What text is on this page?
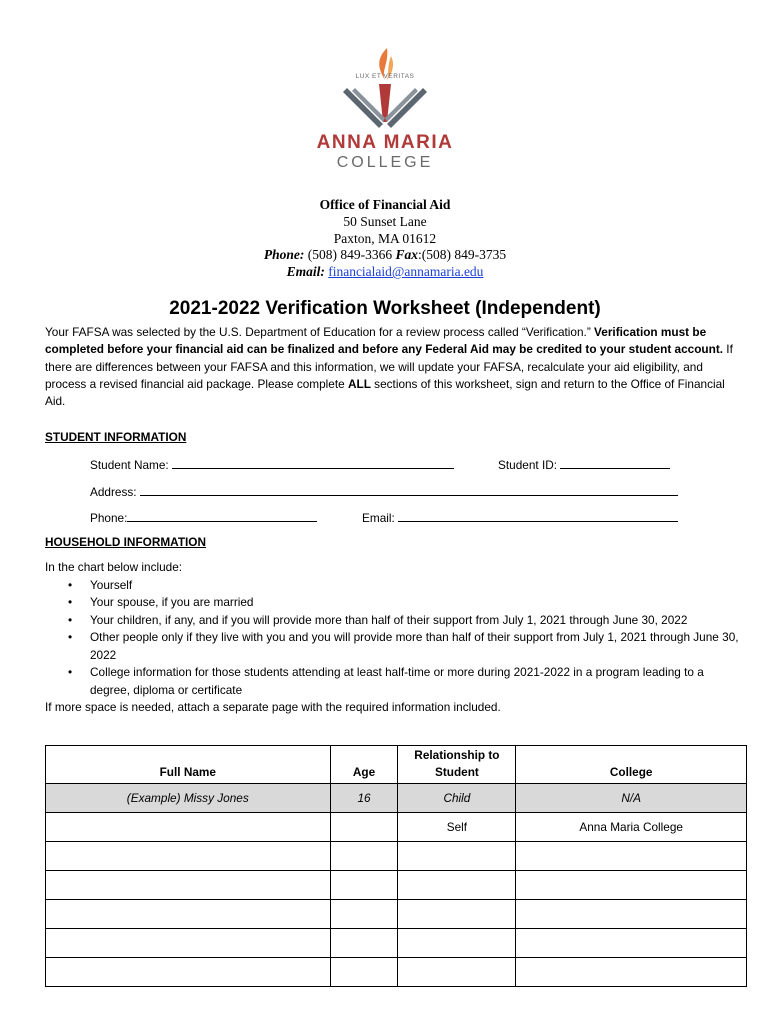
LUX ET VERITAS
ANNA MARIA
COLLEGE
Office of Financial Aid
50 Sunset Lane
Paxton, MA 01612
Phone: (508) 849-3366 Fax:(508) 849-3735
Email: financialaid@annamaria.edu
2021-2022 Verification Worksheet (Independent)
Your FAFSA was selected by the U.S. Department of Education for a review process called “Verification.” Verification must be completed before your financial aid can be finalized and before any Federal Aid may be credited to your student account. If there are differences between your FAFSA and this information, we will update your FAFSA, recalculate your aid eligibility, and process a revised financial aid package. Please complete ALL sections of this worksheet, sign and return to the Office of Financial Aid.
STUDENT INFORMATION
Student Name:	Student ID:
Address:
Phone:	Email:
HOUSEHOLD INFORMATION
In the chart below include:
• Yourself
• Your spouse, if you are married
• Your children, if any, and if you will provide more than half of their support from July 1, 2021 through June 30, 2022
• Other people only if they live with you and you will provide more than half of their support from July 1, 2021 through June 30, 2022
• College information for those students attending at least half-time or more during 2021-2022 in a program leading to a degree, diploma or certificate
If more space is needed, attach a separate page with the required information included.
Full Name	Age	Relationship to Student	College
(Example) Missy Jones	16	Child	N/A
		Self	Anna Maria College
